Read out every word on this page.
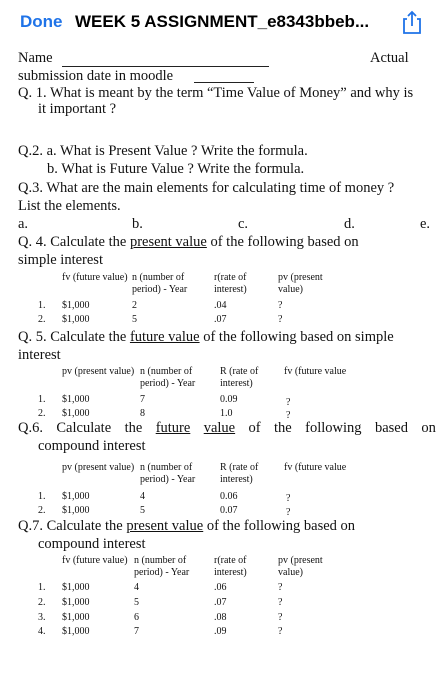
Done WEEK 5 ASSIGNMENT_e8343bbeb...
Name	Actual
submission date in moodle
Q. 1. What is meant by the term “Time Value of Money” and why is
it important ?
Q.2. a. What is Present Value ? Write the formula.
b. What is Future Value ? Write the formula.
Q.3. What are the main elements for calculating time of money ?
List the elements.
a.	b.	c.	d.	e.
Q. 4. Calculate the present value of the following based on
simple interest
fv (future value) n (number of
period) - Year
r(rate of
interest)
pv (present
value)
1. $1,000	2	.04	?
2. $1,000	5	.07	?
Q. 5. Calculate the future value of the following based on simple
interest
pv (present value) n (number of
period) - Year
R (rate of
interest)
fv (future value
1. $1,000	7	0.09	?
2. $1,000	8	1.0	?
Q.6. Calculate the future value of the following based on
compound interest
pv (present value) n (number of
period) - Year
R (rate of
interest)
fv (future value
1. $1,000	4	0.06	?
2. $1,000	5	0.07	?
Q.7. Calculate the present value of the following based on
compound interest
fv (future value) n (number of
period) - Year
r(rate of
interest)
pv (present
value)
1. $1,000	4	.06	?
2. $1,000	5	.07	?
3. $1,000	6	.08	?
4. $1,000	7	.09	?
